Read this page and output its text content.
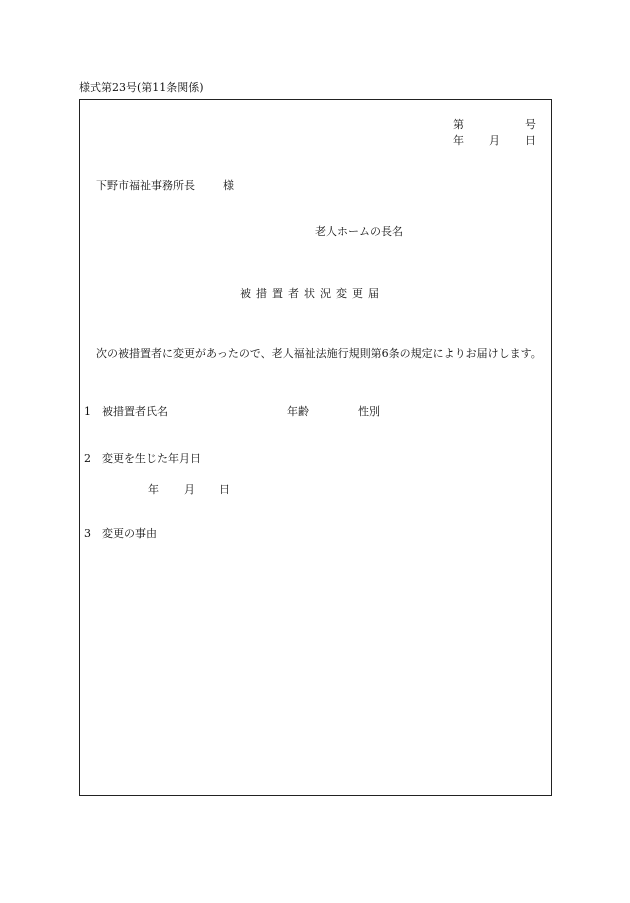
様式第23号(第11条関係)
第	号
年 月 日
下野市福祉事務所長	様
老人ホームの長名
被措置者状況変更届
次の被措置者に変更があったので、老人福祉法施行規則第6条の規定によりお届けします。
1　被措置者氏名	年齢	性別
2　変更を生じた年月日
年 月 日
3　変更の事由
